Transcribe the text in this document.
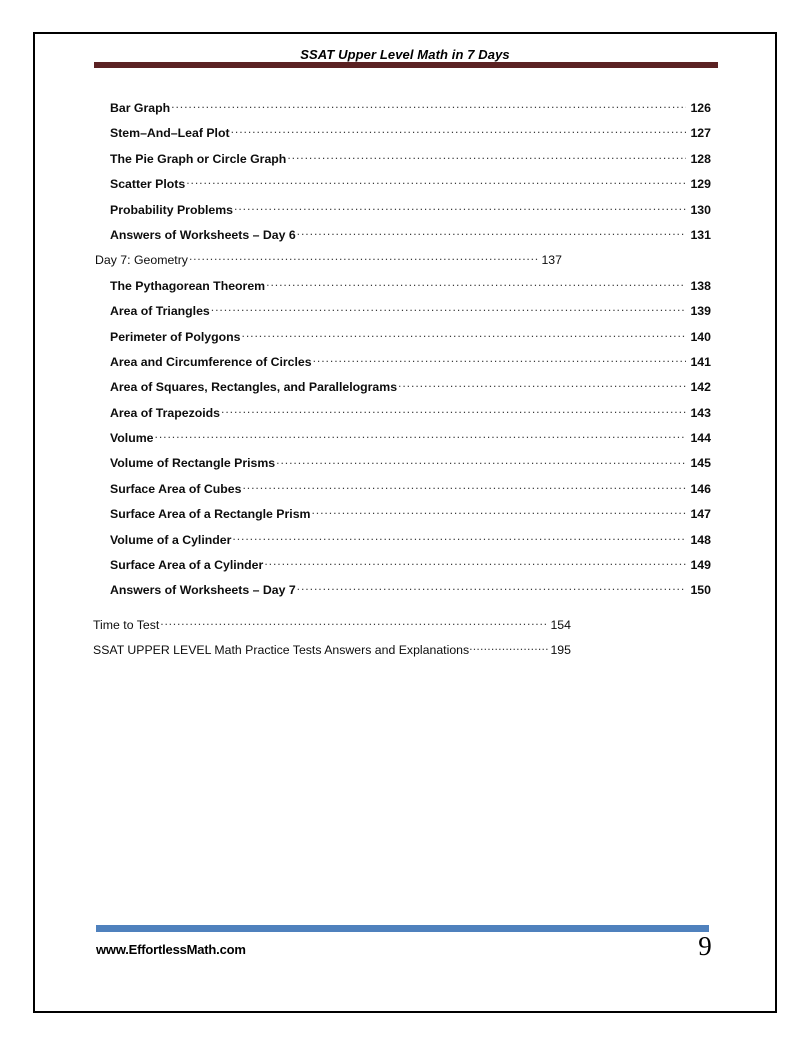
SSAT Upper Level Math in 7 Days
Bar Graph .....	126
Stem–And–Leaf Plot .....	127
The Pie Graph or Circle Graph .....	128
Scatter Plots .....	129
Probability Problems .....	130
Answers of Worksheets – Day 6 .....	131
Day 7: Geometry .....	137
The Pythagorean Theorem .....	138
Area of Triangles .....	139
Perimeter of Polygons .....	140
Area and Circumference of Circles .....	141
Area of Squares, Rectangles, and Parallelograms .....	142
Area of Trapezoids .....	143
Volume .....	144
Volume of Rectangle Prisms .....	145
Surface Area of Cubes .....	146
Surface Area of a Rectangle Prism .....	147
Volume of a Cylinder .....	148
Surface Area of a Cylinder .....	149
Answers of Worksheets – Day 7 .....	150
Time to Test .....	154
SSAT UPPER LEVEL Math Practice Tests Answers and Explanations .....	195
www.EffortlessMath.com	9
